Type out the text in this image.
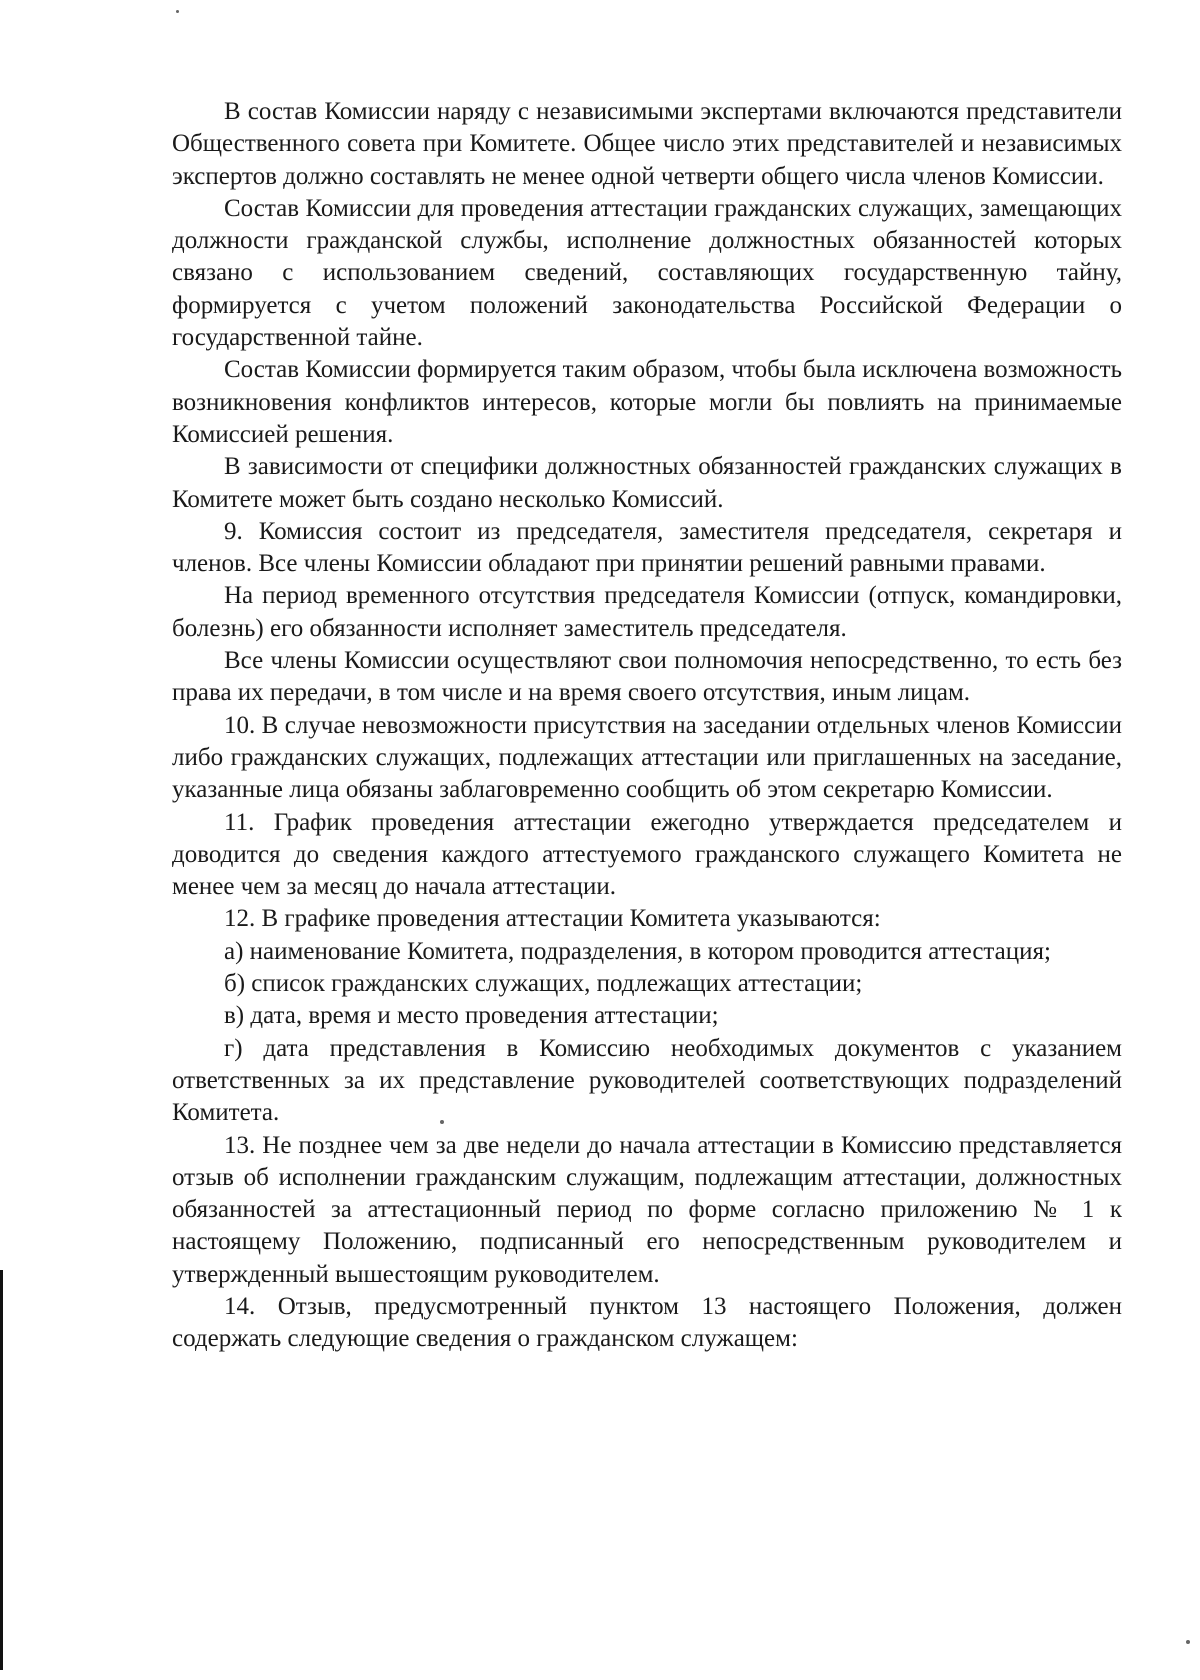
В состав Комиссии наряду с независимыми экспертами включаются представители Общественного совета при Комитете. Общее число этих представителей и независимых экспертов должно составлять не менее одной четверти общего числа членов Комиссии.

Состав Комиссии для проведения аттестации гражданских служащих, замещающих должности гражданской службы, исполнение должностных обязанностей которых связано с использованием сведений, составляющих государственную тайну, формируется с учетом положений законодательства Российской Федерации о государственной тайне.

Состав Комиссии формируется таким образом, чтобы была исключена возможность возникновения конфликтов интересов, которые могли бы повлиять на принимаемые Комиссией решения.

В зависимости от специфики должностных обязанностей гражданских служащих в Комитете может быть создано несколько Комиссий.

9. Комиссия состоит из председателя, заместителя председателя, секретаря и членов. Все члены Комиссии обладают при принятии решений равными правами.

На период временного отсутствия председателя Комиссии (отпуск, командировки, болезнь) его обязанности исполняет заместитель председателя.

Все члены Комиссии осуществляют свои полномочия непосредственно, то есть без права их передачи, в том числе и на время своего отсутствия, иным лицам.

10. В случае невозможности присутствия на заседании отдельных членов Комиссии либо гражданских служащих, подлежащих аттестации или приглашенных на заседание, указанные лица обязаны заблаговременно сообщить об этом секретарю Комиссии.

11. График проведения аттестации ежегодно утверждается председателем и доводится до сведения каждого аттестуемого гражданского служащего Комитета не менее чем за месяц до начала аттестации.

12. В графике проведения аттестации Комитета указываются:

а) наименование Комитета, подразделения, в котором проводится аттестация;

б) список гражданских служащих, подлежащих аттестации;

в) дата, время и место проведения аттестации;

г) дата представления в Комиссию необходимых документов с указанием ответственных за их представление руководителей соответствующих подразделений Комитета.

13. Не позднее чем за две недели до начала аттестации в Комиссию представляется отзыв об исполнении гражданским служащим, подлежащим аттестации, должностных обязанностей за аттестационный период по форме согласно приложению № 1 к настоящему Положению, подписанный его непосредственным руководителем и утвержденный вышестоящим руководителем.

14. Отзыв, предусмотренный пунктом 13 настоящего Положения, должен содержать следующие сведения о гражданском служащем:
